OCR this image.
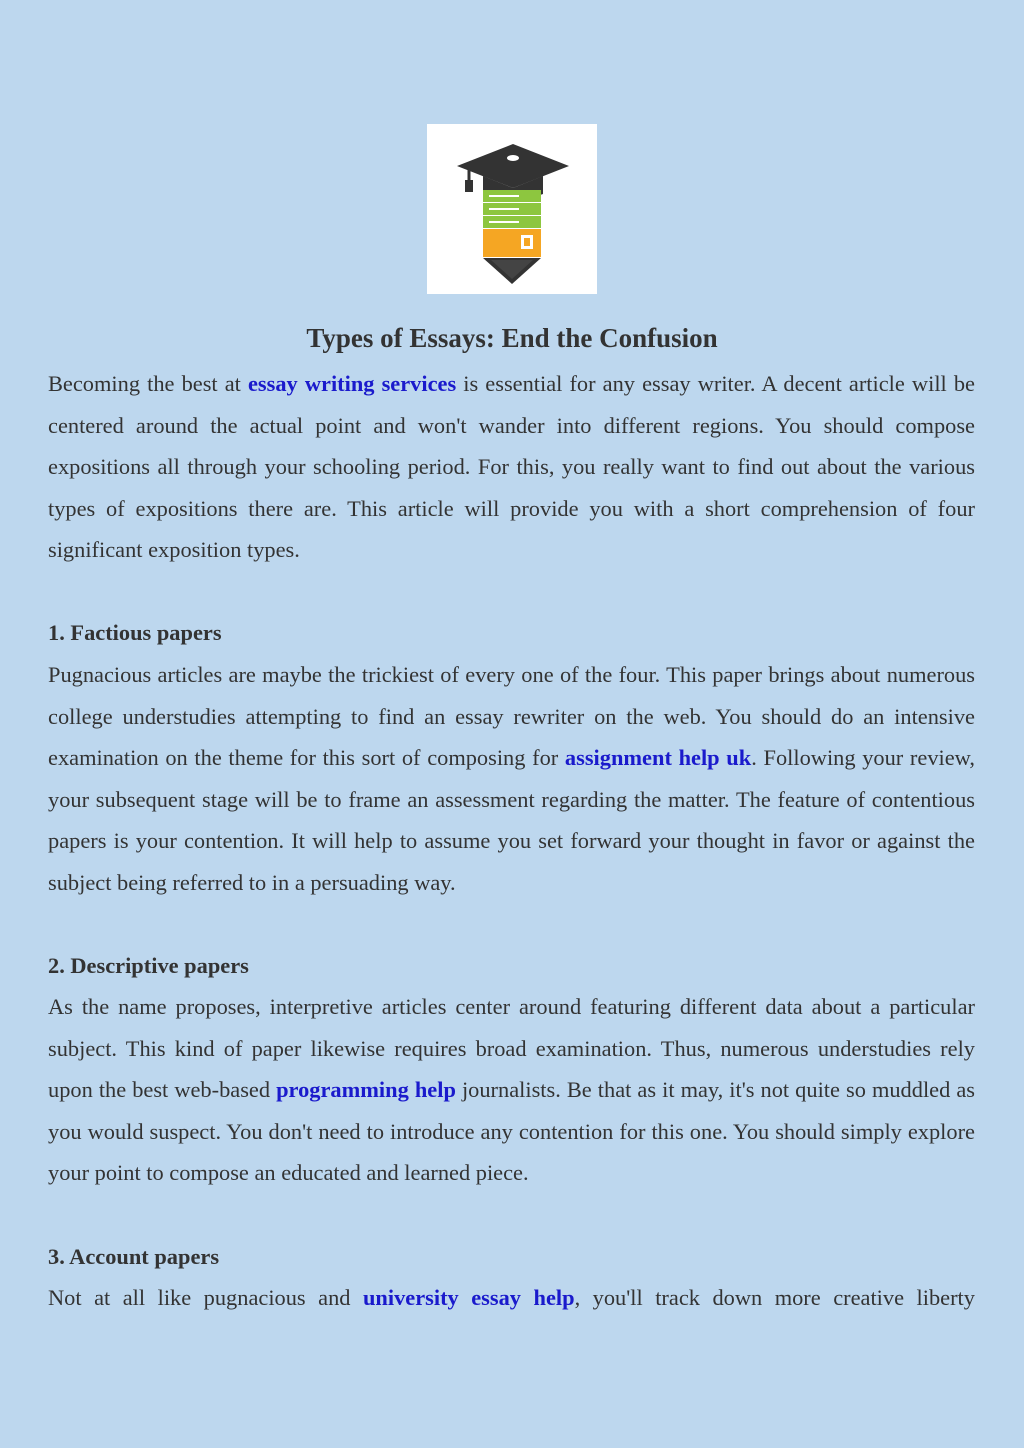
Types of Essays: End the Confusion

Becoming the best at essay writing services is essential for any essay writer. A decent article will be centered around the actual point and won't wander into different regions. You should compose expositions all through your schooling period. For this, you really want to find out about the various types of expositions there are. This article will provide you with a short comprehension of four significant exposition types.

1. Factious papers

Pugnacious articles are maybe the trickiest of every one of the four. This paper brings about numerous college understudies attempting to find an essay rewriter on the web. You should do an intensive examination on the theme for this sort of composing for assignment help uk. Following your review, your subsequent stage will be to frame an assessment regarding the matter. The feature of contentious papers is your contention. It will help to assume you set forward your thought in favor or against the subject being referred to in a persuading way.

2. Descriptive papers

As the name proposes, interpretive articles center around featuring different data about a particular subject. This kind of paper likewise requires broad examination. Thus, numerous understudies rely upon the best web-based programming help journalists. Be that as it may, it's not quite so muddled as you would suspect. You don't need to introduce any contention for this one. You should simply explore your point to compose an educated and learned piece.

3. Account papers

Not at all like pugnacious and university essay help, you'll track down more creative liberty
